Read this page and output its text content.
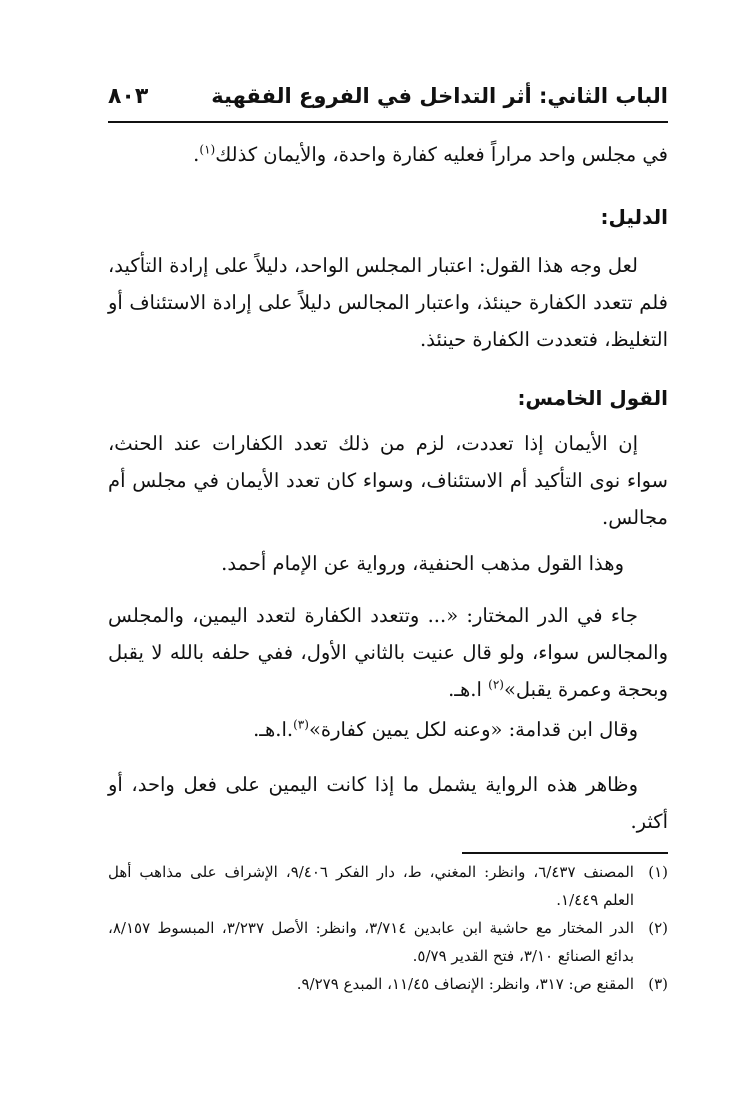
الباب الثاني: أثر التداخل في الفروع الفقهية
٨٠٣
في مجلس واحد مراراً فعليه كفارة واحدة، والأيمان كذلك$^{(١)}$.
الدليل:
لعل وجه هذا القول: اعتبار المجلس الواحد، دليلاً على إرادة التأكيد، فلم تتعدد الكفارة حينئذ، واعتبار المجالس دليلاً على إرادة الاستئناف أو التغليظ، فتعددت الكفارة حينئذ.
القول الخامس:
إن الأيمان إذا تعددت، لزم من ذلك تعدد الكفارات عند الحنث، سواء نوى التأكيد أم الاستئناف، وسواء كان تعدد الأيمان في مجلس أم مجالس.
وهذا القول مذهب الحنفية، ورواية عن الإمام أحمد.
جاء في الدر المختار: «... وتتعدد الكفارة لتعدد اليمين، والمجلس والمجالس سواء، ولو قال عنيت بالثاني الأول، ففي حلفه بالله لا يقبل وبحجة وعمرة يقبل»$^{(٢)}$ ا.هـ.
وقال ابن قدامة: «وعنه لكل يمين كفارة»$^{(٣)}$.ا.هـ.
وظاهر هذه الرواية يشمل ما إذا كانت اليمين على فعل واحد، أو أكثر.
(١)
المصنف ٦/٤٣٧، وانظر: المغني، ط، دار الفكر ٩/٤٠٦، الإشراف على مذاهب أهل العلم ١/٤٤٩.
(٢)
الدر المختار مع حاشية ابن عابدين ٣/٧١٤، وانظر: الأصل ٣/٢٣٧، المبسوط ٨/١٥٧، بدائع الصنائع ٣/١٠، فتح القدير ٥/٧٩.
(٣)
المقنع ص: ٣١٧، وانظر: الإنصاف ١١/٤٥، المبدع ٩/٢٧٩.
